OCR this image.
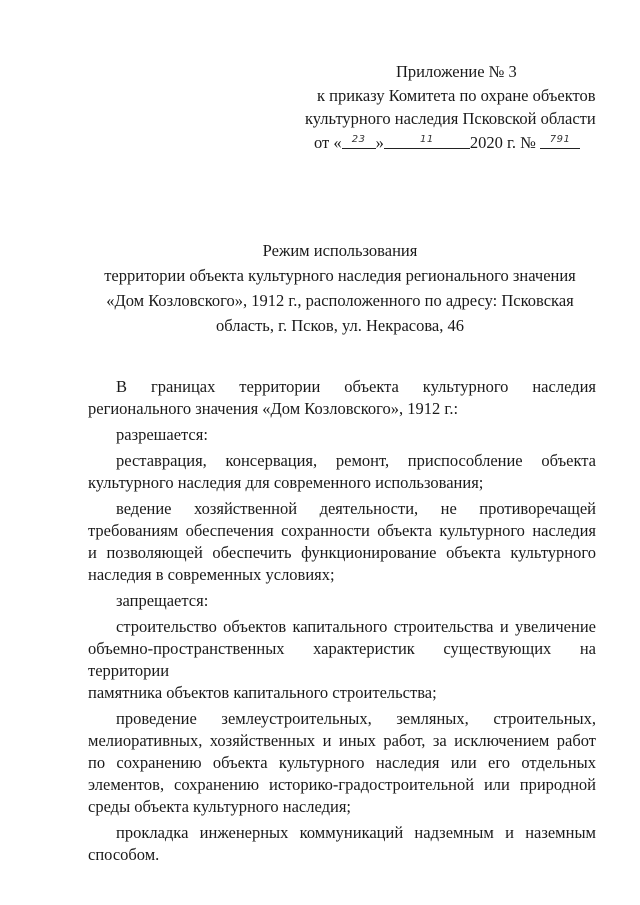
Приложение № 3
к приказу Комитета по охране объектов
культурного наследия Псковской области
от « $^{23}$ »	$^{11}$ 2020 г. № $^{791}$
Режим использования
территории объекта культурного наследия регионального значения
«Дом Козловского», 1912 г., расположенного по адресу: Псковская
область, г. Псков, ул. Некрасова, 46
В границах территории объекта культурного наследия

регионального значения «Дом Козловского», 1912 г.:

разрешается:

реставрация, консервация, ремонт, приспособление объекта

культурного наследия для современного использования;

ведение хозяйственной деятельности, не противоречащей
требованиям обеспечения сохранности объекта культурного наследия
и позволяющей обеспечить функционирование объекта культурного

наследия в современных условиях;

запрещается:

строительство объектов капитального строительства и увеличение
объемно-пространственных характеристик существующих на территории

памятника объектов капитального строительства;

проведение землеустроительных, земляных, строительных,
мелиоративных, хозяйственных и иных работ, за исключением работ
по сохранению объекта культурного наследия или его отдельных
элементов, сохранению историко-градостроительной или природной

среды объекта культурного наследия;

прокладка инженерных коммуникаций надземным и наземным

способом.
